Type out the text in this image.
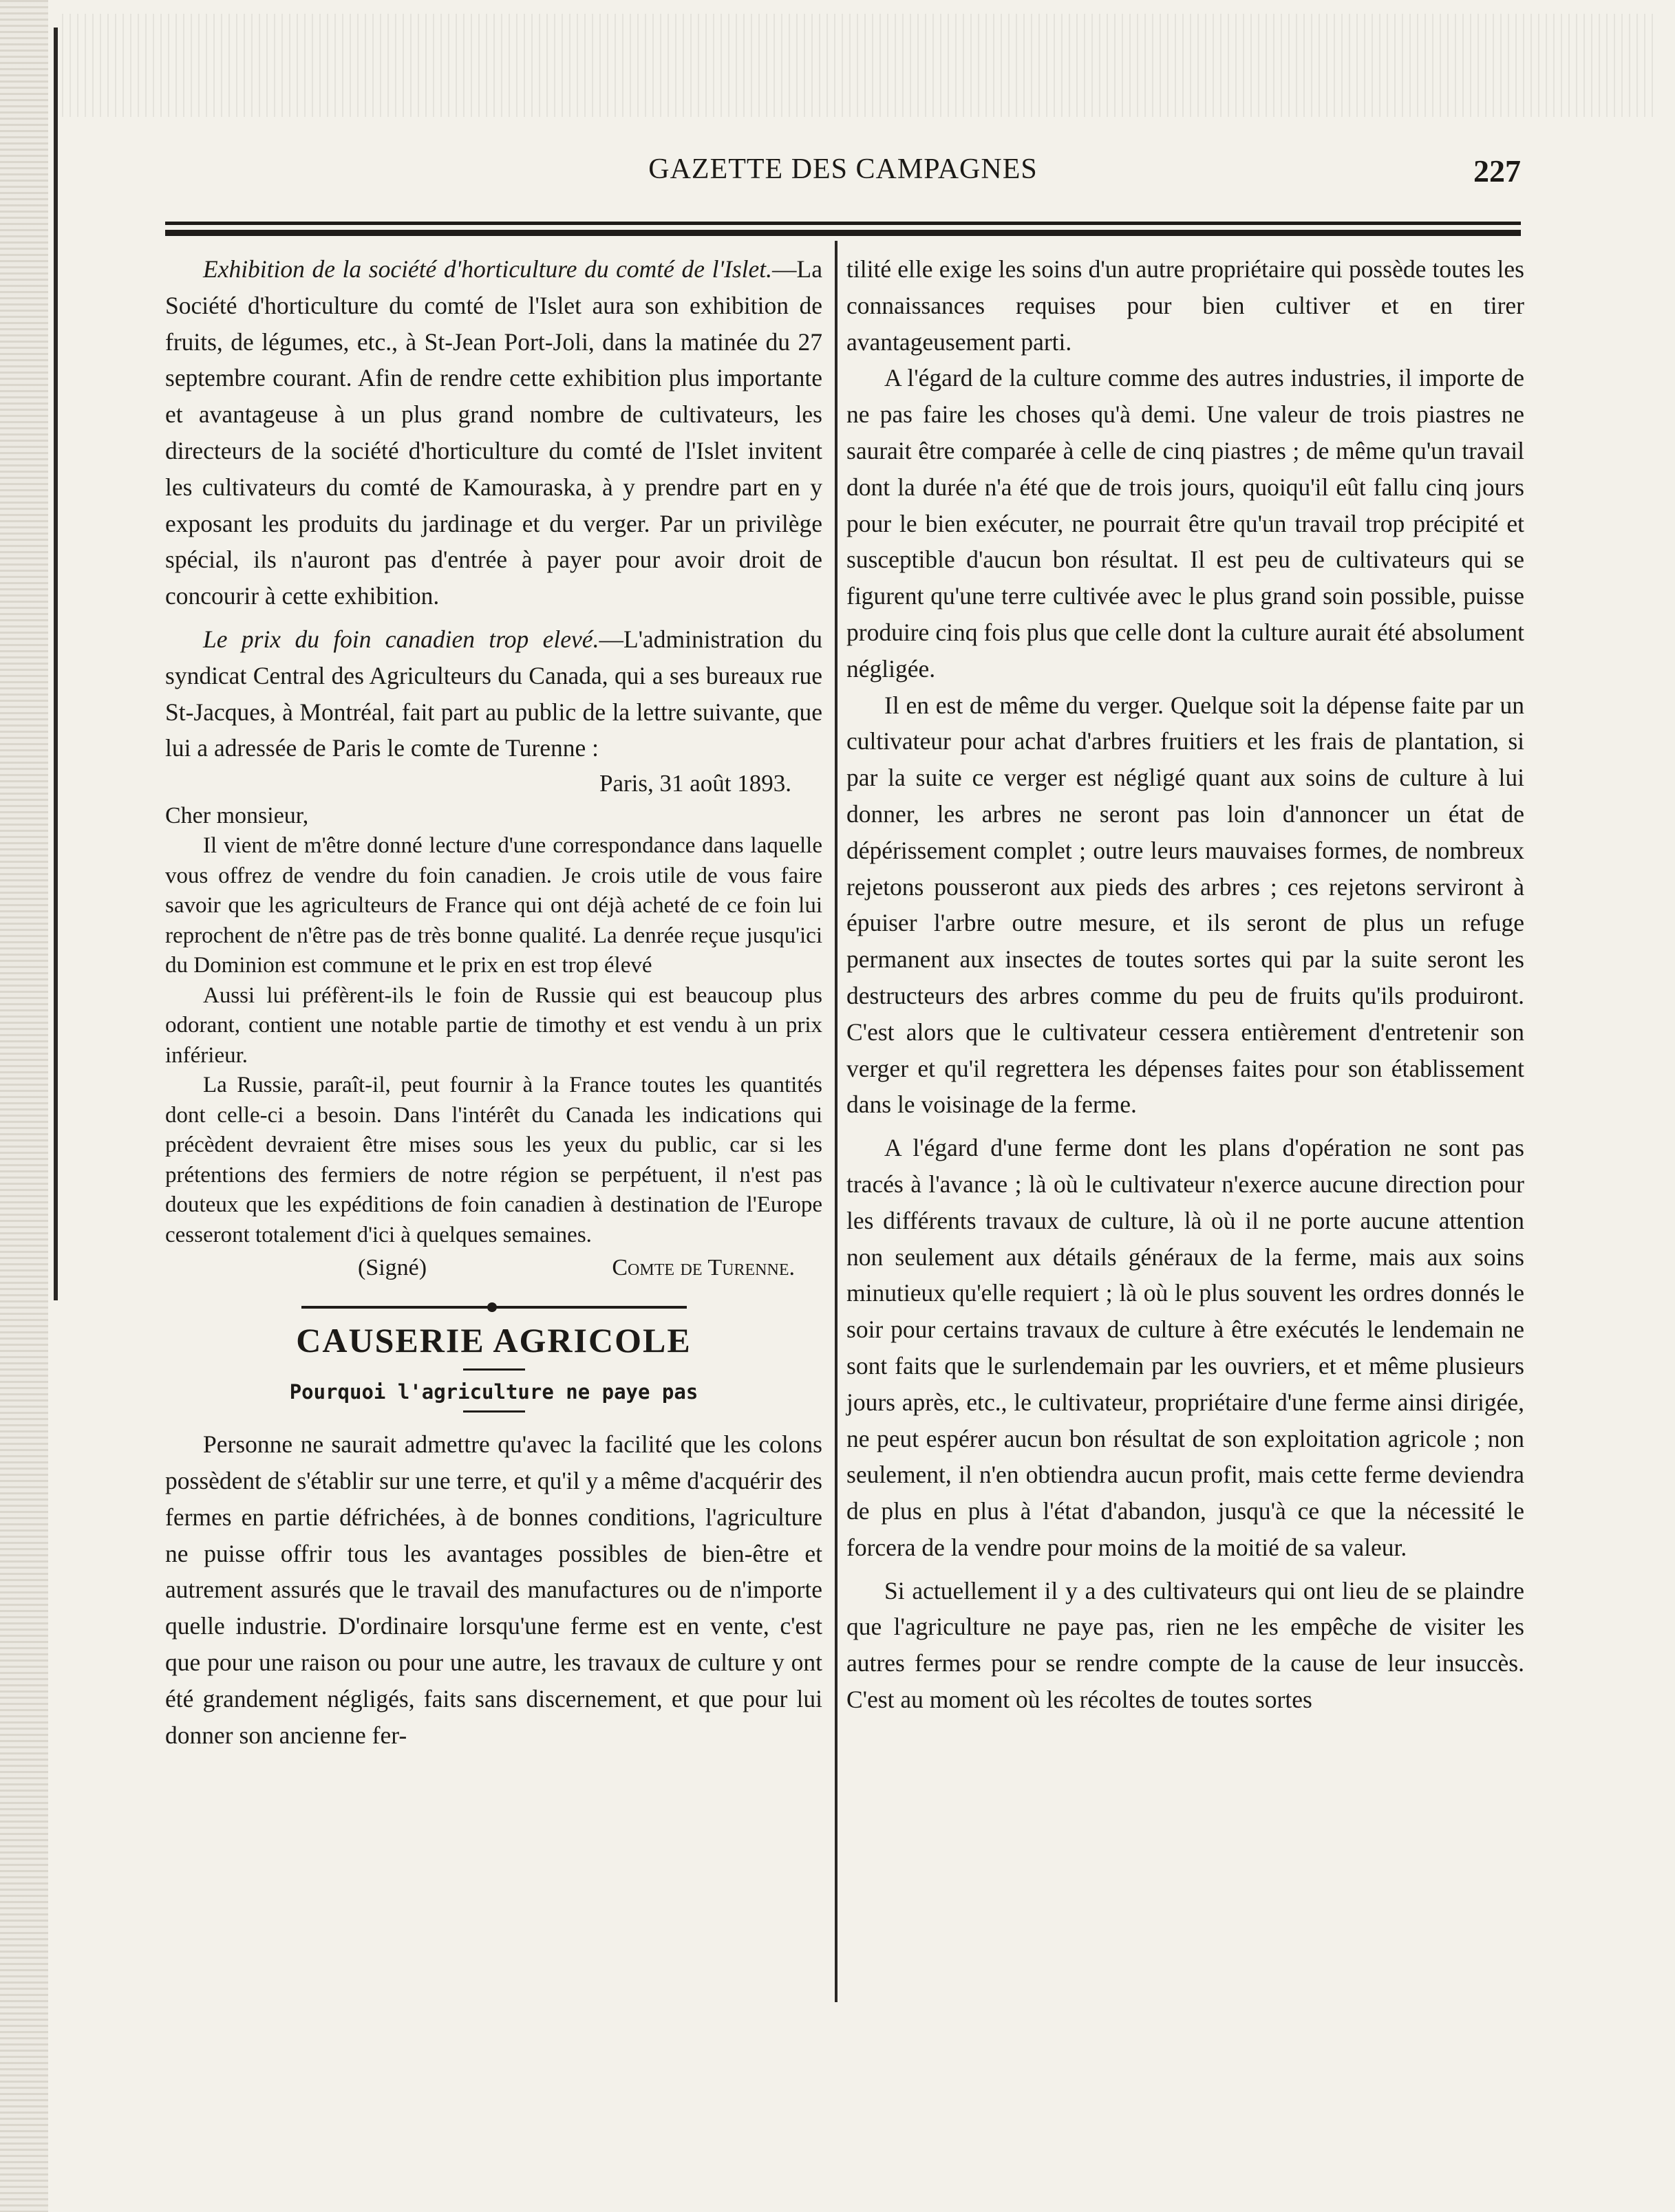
GAZETTE DES CAMPAGNES	227

Exhibition de la société d'horticulture du comté de l'Islet.—La Société d'horticulture du comté de l'Islet aura son exhibition de fruits, de légumes, etc., à St-Jean Port-Joli, dans la matinée du 27 septembre courant. Afin de rendre cette exhibition plus importante et avantageuse à un plus grand nombre de cultivateurs, les directeurs de la société d'horticulture du comté de l'Islet invitent les cultivateurs du comté de Kamouraska, à y prendre part en y exposant les produits du jardinage et du verger. Par un privilège spécial, ils n'auront pas d'entrée à payer pour avoir droit de concourir à cette exhibition.

Le prix du foin canadien trop elevé.—L'administration du syndicat Central des Agriculteurs du Canada, qui a ses bureaux rue St-Jacques, à Montréal, fait part au public de la lettre suivante, que lui a adressée de Paris le comte de Turenne :

Paris, 31 août 1893.

Cher monsieur,

Il vient de m'être donné lecture d'une correspondance dans laquelle vous offrez de vendre du foin canadien. Je crois utile de vous faire savoir que les agriculteurs de France qui ont déjà acheté de ce foin lui reprochent de n'être pas de très bonne qualité. La denrée reçue jusqu'ici du Dominion est commune et le prix en est trop élevé

Aussi lui préfèrent-ils le foin de Russie qui est beaucoup plus odorant, contient une notable partie de timothy et est vendu à un prix inférieur.

La Russie, paraît-il, peut fournir à la France toutes les quantités dont celle-ci a besoin. Dans l'intérêt du Canada les indications qui précèdent devraient être mises sous les yeux du public, car si les prétentions des fermiers de notre région se perpétuent, il n'est pas douteux que les expéditions de foin canadien à destination de l'Europe cesseront totalement d'ici à quelques semaines.

(Signé)	Comte de Turenne.
CAUSERIE AGRICOLE
Pourquoi l'agriculture ne paye pas

Personne ne saurait admettre qu'avec la facilité que les colons possèdent de s'établir sur une terre, et qu'il y a même d'acquérir des fermes en partie défrichées, à de bonnes conditions, l'agriculture ne puisse offrir tous les avantages possibles de bien-être et autrement assurés que le travail des manufactures ou de n'importe quelle industrie. D'ordinaire lorsqu'une ferme est en vente, c'est que pour une raison ou pour une autre, les travaux de culture y ont été grandement négligés, faits sans discernement, et que pour lui donner son ancienne fer-

tilité elle exige les soins d'un autre propriétaire qui possède toutes les connaissances requises pour bien cultiver et en tirer avantageusement parti.

A l'égard de la culture comme des autres industries, il importe de ne pas faire les choses qu'à demi. Une valeur de trois piastres ne saurait être comparée à celle de cinq piastres ; de même qu'un travail dont la durée n'a été que de trois jours, quoiqu'il eût fallu cinq jours pour le bien exécuter, ne pourrait être qu'un travail trop précipité et susceptible d'aucun bon résultat. Il est peu de cultivateurs qui se figurent qu'une terre cultivée avec le plus grand soin possible, puisse produire cinq fois plus que celle dont la culture aurait été absolument négligée.

Il en est de même du verger. Quelque soit la dépense faite par un cultivateur pour achat d'arbres fruitiers et les frais de plantation, si par la suite ce verger est négligé quant aux soins de culture à lui donner, les arbres ne seront pas loin d'annoncer un état de dépérissement complet ; outre leurs mauvaises formes, de nombreux rejetons pousseront aux pieds des arbres ; ces rejetons serviront à épuiser l'arbre outre mesure, et ils seront de plus un refuge permanent aux insectes de toutes sortes qui par la suite seront les destructeurs des arbres comme du peu de fruits qu'ils produiront. C'est alors que le cultivateur cessera entièrement d'entretenir son verger et qu'il regrettera les dépenses faites pour son établissement dans le voisinage de la ferme.

A l'égard d'une ferme dont les plans d'opération ne sont pas tracés à l'avance ; là où le cultivateur n'exerce aucune direction pour les différents travaux de culture, là où il ne porte aucune attention non seulement aux détails généraux de la ferme, mais aux soins minutieux qu'elle requiert ; là où le plus souvent les ordres donnés le soir pour certains travaux de culture à être exécutés le lendemain ne sont faits que le surlendemain par les ouvriers, et et même plusieurs jours après, etc., le cultivateur, propriétaire d'une ferme ainsi dirigée, ne peut espérer aucun bon résultat de son exploitation agricole ; non seulement, il n'en obtiendra aucun profit, mais cette ferme deviendra de plus en plus à l'état d'abandon, jusqu'à ce que la nécessité le forcera de la vendre pour moins de la moitié de sa valeur.

Si actuellement il y a des cultivateurs qui ont lieu de se plaindre que l'agriculture ne paye pas, rien ne les empêche de visiter les autres fermes pour se rendre compte de la cause de leur insuccès. C'est au moment où les récoltes de toutes sortes
